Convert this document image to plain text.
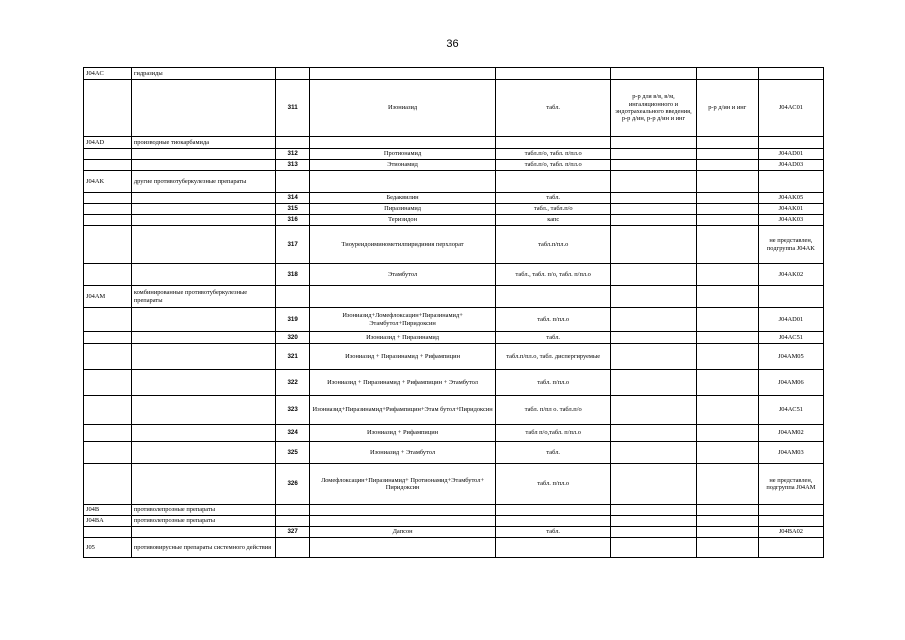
36
J04AC	гидразиды						
		311	Изониазид	табл.	р-р для в/в, в/м, ингаляционного и эндотрахеального введения, р-р д/ин, р-р д/ин и инг	р-р д/ин и инг	J04AC01
J04AD	производные тиокарбамида						
		312	Протионамид	табл.п/о, табл. п/пл.о			J04AD01
		313	Этионамид	табл.п/о, табл. п/пл.о			J04AD03
J04AK	другие противотуберкулезные препараты						
		314	Бедаквилин	табл.			J04AK05
		315	Пиразинамид	табл., табл.п/о			J04AK01
		316	Теризидон	капс			J04AK03
		317	Тиоуреидоиминометилпиридиния перхлорат	табл.п/пл.о			не представлен, подгруппа J04AK
		318	Этамбутол	табл., табл. п/о, табл. п/пл.о			J04AK02
J04AM	комбинированные противотуберкулезные препараты						
		319	Изониазид+Ломефлоксацин+Пиразинамид+ Этамбутол+Пиридоксин	табл. п/пл.о			J04AD01
		320	Изониазид + Пиразинамид	табл.			J04AC51
		321	Изониазид + Пиразинамид + Рифампицин	табл.п/пл.о, табл. диспергируемые			J04AM05
		322	Изониазид + Пиразинамид + Рифампицин + Этамбутол	табл. п/пл.о			J04AM06
		323	Изониазид+Пиразинамид+Рифампицин+Этам бутол+Пиридоксин	табл. п/пл о. табл.п/о			J04AC51
		324	Изониазид + Рифампицин	табл п/о,табл. п/пл.о			J04AM02
		325	Изониазид + Этамбутол	табл.			J04AM03
		326	Ломефлоксацин+Пиразинамид+ Протионамид+Этамбутол+ Пиридоксин	табл. п/пл.о			не представлен, подгруппа J04AM
J04B	противолепрозные препараты						
J04BA	противолепрозные препараты						
		327	Дапсон	табл.			J04BA02
J05	противовирусные препараты системного действия						
